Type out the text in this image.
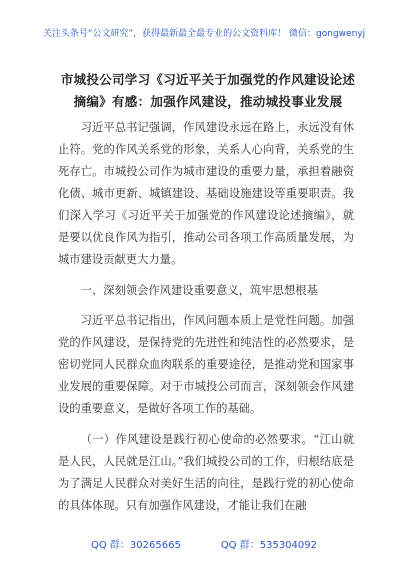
关注头条号“公文研究”，获得最新最全最专业的公文资料库！ 微信：gongwenyj
市城投公司学习《习近平关于加强党的作风建设论述摘编》有感：加强作风建设，推动城投事业发展

习近平总书记强调，作风建设永远在路上，永远没有休止符。党的作风关系党的形象，关系人心向背，关系党的生死存亡。市城投公司作为城市建设的重要力量，承担着融资化债、城市更新、城镇建设、基础设施建设等重要职责。我们深入学习《习近平关于加强党的作风建设论述摘编》，就是要以优良作风为指引，推动公司各项工作高质量发展，为城市建设贡献更大力量。

一、深刻领会作风建设重要意义，筑牢思想根基

习近平总书记指出，作风问题本质上是党性问题。加强党的作风建设，是保持党的先进性和纯洁性的必然要求，是密切党同人民群众血肉联系的重要途径，是推动党和国家事业发展的重要保障。对于市城投公司而言，深刻领会作风建设的重要意义，是做好各项工作的基础。

（一）作风建设是践行初心使命的必然要求。“江山就是人民，人民就是江山。”我们城投公司的工作，归根结底是为了满足人民群众对美好生活的向往，是践行党的初心使命的具体体现。只有加强作风建设，才能让我们在融

QQ 群：30265665	QQ 群：535304092
